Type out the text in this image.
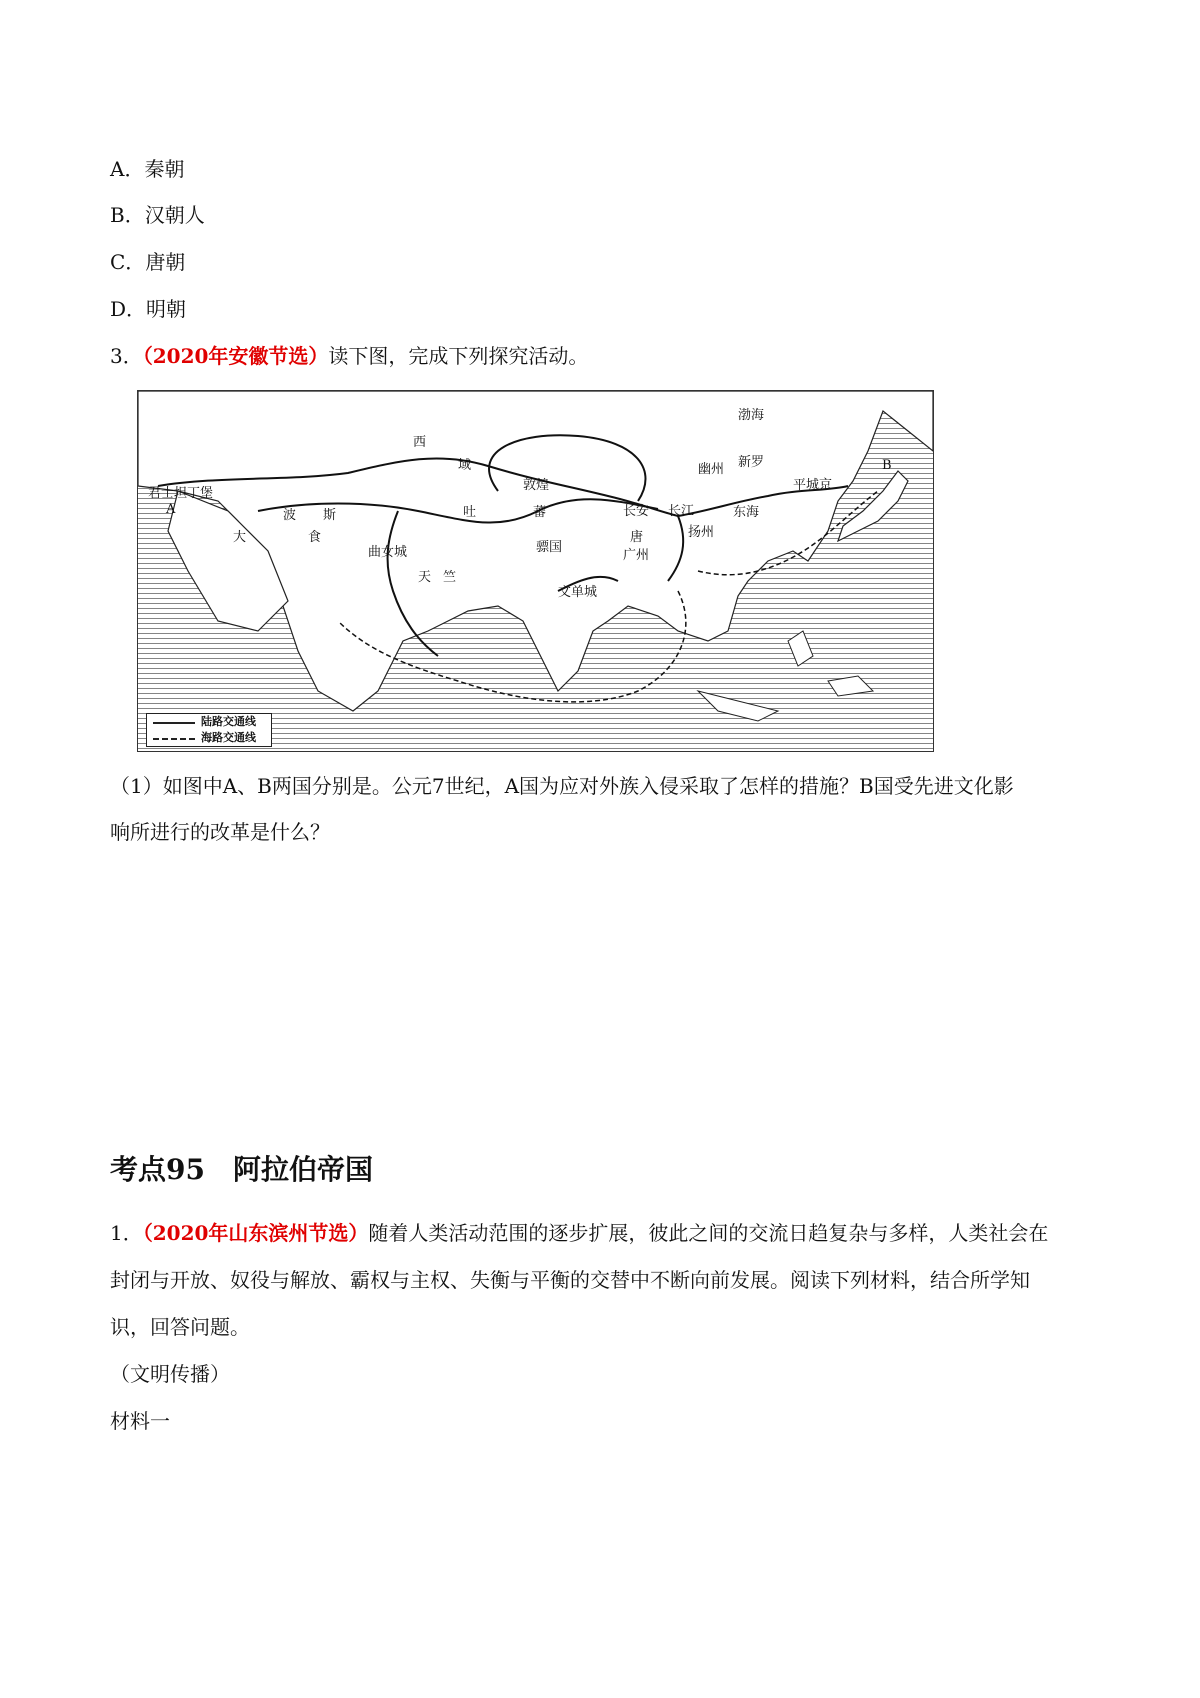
A．秦朝
B．汉朝人
C．唐朝
D．明朝
3．（2020年安徽节选）读下图，完成下列探究活动。
君士坦丁堡
A
B
大
波 斯
食
西
域
敦煌
吐	蕃
曲女城
天 竺
长安 长江
唐
广州
扬州
幽州 新罗
渤海
东海
平城京
文单城
骠国
陆路交通线
海路交通线
（1）如图中A、B两国分别是。公元7世纪，A国为应对外族入侵采取了怎样的措施？B国受先进文化影
响所进行的改革是什么？
考点95　阿拉伯帝国
1．（2020年山东滨州节选）随着人类活动范围的逐步扩展，彼此之间的交流日趋复杂与多样，人类社会在
封闭与开放、奴役与解放、霸权与主权、失衡与平衡的交替中不断向前发展。阅读下列材料，结合所学知
识，回答问题。
（文明传播）
材料一
